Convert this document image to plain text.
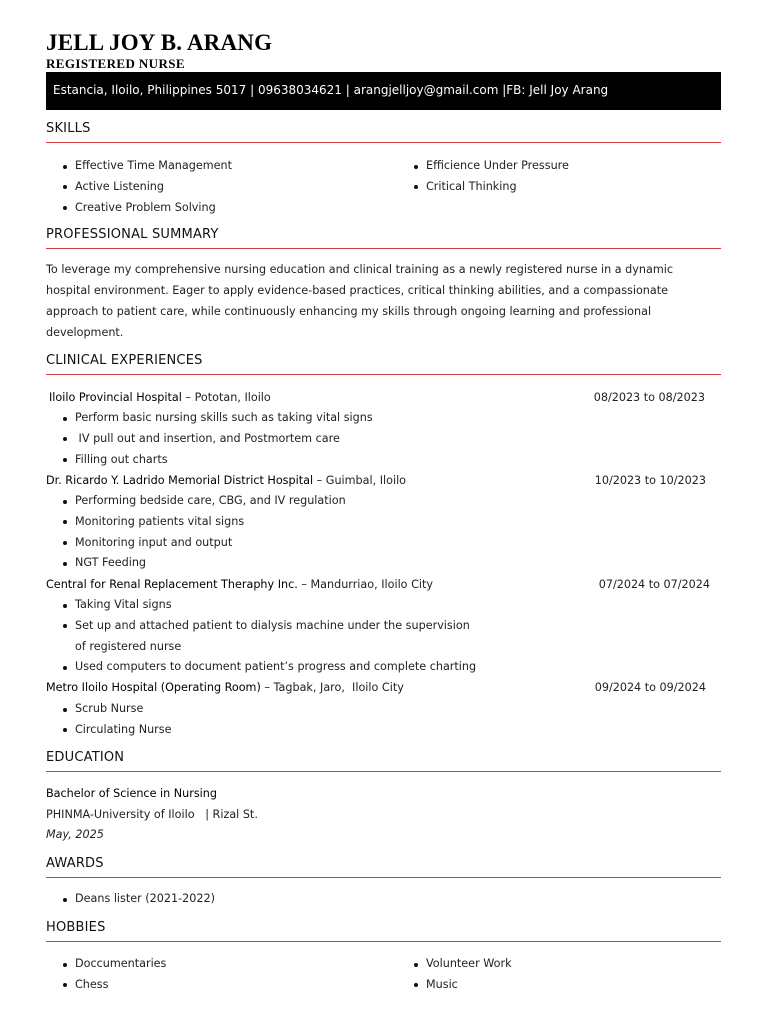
JELL JOY B. ARANG
REGISTERED NURSE
Estancia, Iloilo, Philippines 5017 | 09638034621 | arangjelljoy@gmail.com |FB: Jell Joy Arang
SKILLS
Effective Time Management
Active Listening
Creative Problem Solving
Efficience Under Pressure
Critical Thinking
PROFESSIONAL SUMMARY

To leverage my comprehensive nursing education and clinical training as a newly registered nurse in a dynamic hospital environment. Eager to apply evidence-based practices, critical thinking abilities, and a compassionate approach to patient care, while continuously enhancing my skills through ongoing learning and professional development.

CLINICAL EXPERIENCES
Iloilo Provincial Hospital – Pototan, Iloilo	08/2023 to 08/2023
Perform basic nursing skills such as taking vital signs
IV pull out and insertion, and Postmortem care
Filling out charts
Dr. Ricardo Y. Ladrido Memorial District Hospital – Guimbal, Iloilo	10/2023 to 10/2023
Performing bedside care, CBG, and IV regulation
Monitoring patients vital signs
Monitoring input and output
NGT Feeding
Central for Renal Replacement Theraphy Inc. – Mandurriao, Iloilo City	07/2024 to 07/2024
Taking Vital signs
Set up and attached patient to dialysis machine under the supervision
of registered nurse
Used computers to document patient’s progress and complete charting
Metro Iloilo Hospital (Operating Room) – Tagbak, Jaro,  Iloilo City	09/2024 to 09/2024
Scrub Nurse
Circulating Nurse
EDUCATION
Bachelor of Science in Nursing
PHINMA-University of Iloilo   | Rizal St.
May, 2025
AWARDS
Deans lister (2021-2022)
HOBBIES
Doccumentaries
Chess
Volunteer Work
Music
